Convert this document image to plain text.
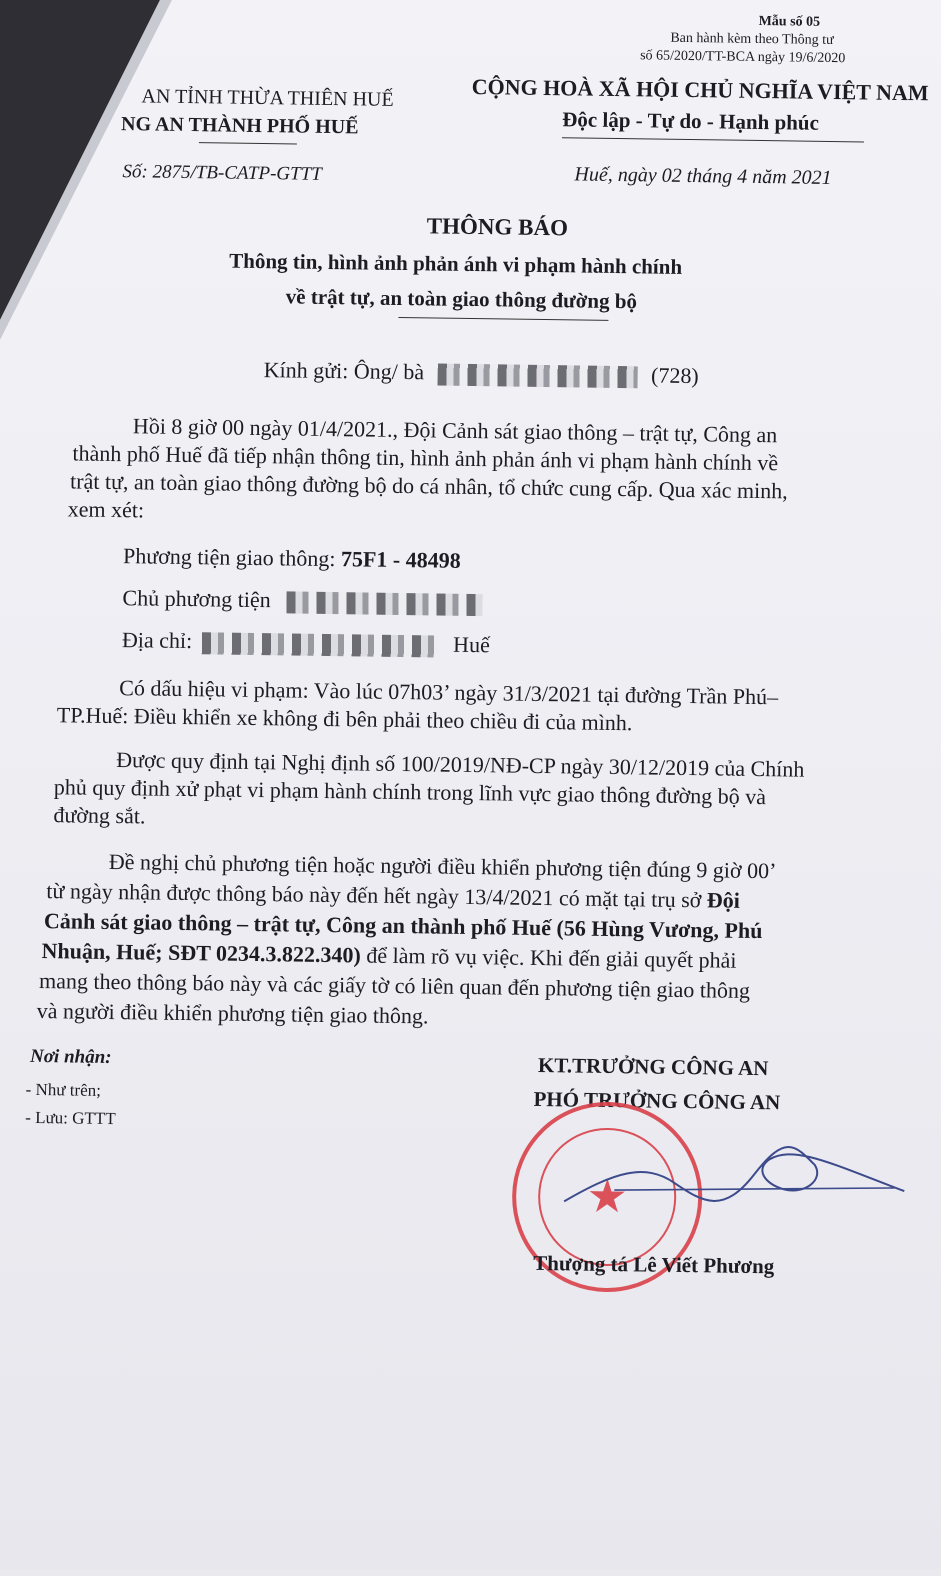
Mẫu số 05
Ban hành kèm theo Thông tư
số 65/2020/TT-BCA ngày 19/6/2020
AN TỈNH THỪA THIÊN HUẾ
NG AN THÀNH PHỐ HUẾ
Số: 2875/TB-CATP-GTTT
CỘNG HOÀ XÃ HỘI CHỦ NGHĨA VIỆT NAM
Độc lập - Tự do - Hạnh phúc
Huế, ngày 02 tháng 4 năm 2021
THÔNG BÁO
Thông tin, hình ảnh phản ánh vi phạm hành chính
về trật tự, an toàn giao thông đường bộ
Kính gửi: Ông/ bà	(728)
Hồi 8 giờ 00 ngày 01/4/2021., Đội Cảnh sát giao thông – trật tự, Công an
thành phố Huế đã tiếp nhận thông tin, hình ảnh phản ánh vi phạm hành chính về
trật tự, an toàn giao thông đường bộ do cá nhân, tổ chức cung cấp. Qua xác minh,
xem xét:
Phương tiện giao thông: 75F1 - 48498
Chủ phương tiện
Địa chỉ:	Huế
Có dấu hiệu vi phạm: Vào lúc 07h03’ ngày 31/3/2021 tại đường Trần Phú–
TP.Huế: Điều khiển xe không đi bên phải theo chiều đi của mình.
Được quy định tại Nghị định số 100/2019/NĐ-CP ngày 30/12/2019 của Chính
phủ quy định xử phạt vi phạm hành chính trong lĩnh vực giao thông đường bộ và
đường sắt.
Đề nghị chủ phương tiện hoặc người điều khiển phương tiện đúng 9 giờ 00’
từ ngày nhận được thông báo này đến hết ngày 13/4/2021 có mặt tại trụ sở Đội
Cảnh sát giao thông – trật tự, Công an thành phố Huế (56 Hùng Vương, Phú
Nhuận, Huế; SĐT 0234.3.822.340) để làm rõ vụ việc. Khi đến giải quyết phải
mang theo thông báo này và các giấy tờ có liên quan đến phương tiện giao thông
và người điều khiển phương tiện giao thông.
Nơi nhận:
- Như trên;
- Lưu: GTTT
KT.TRƯỞNG CÔNG AN
PHÓ TRƯỞNG CÔNG AN
★
Thượng tá Lê Viết Phương
